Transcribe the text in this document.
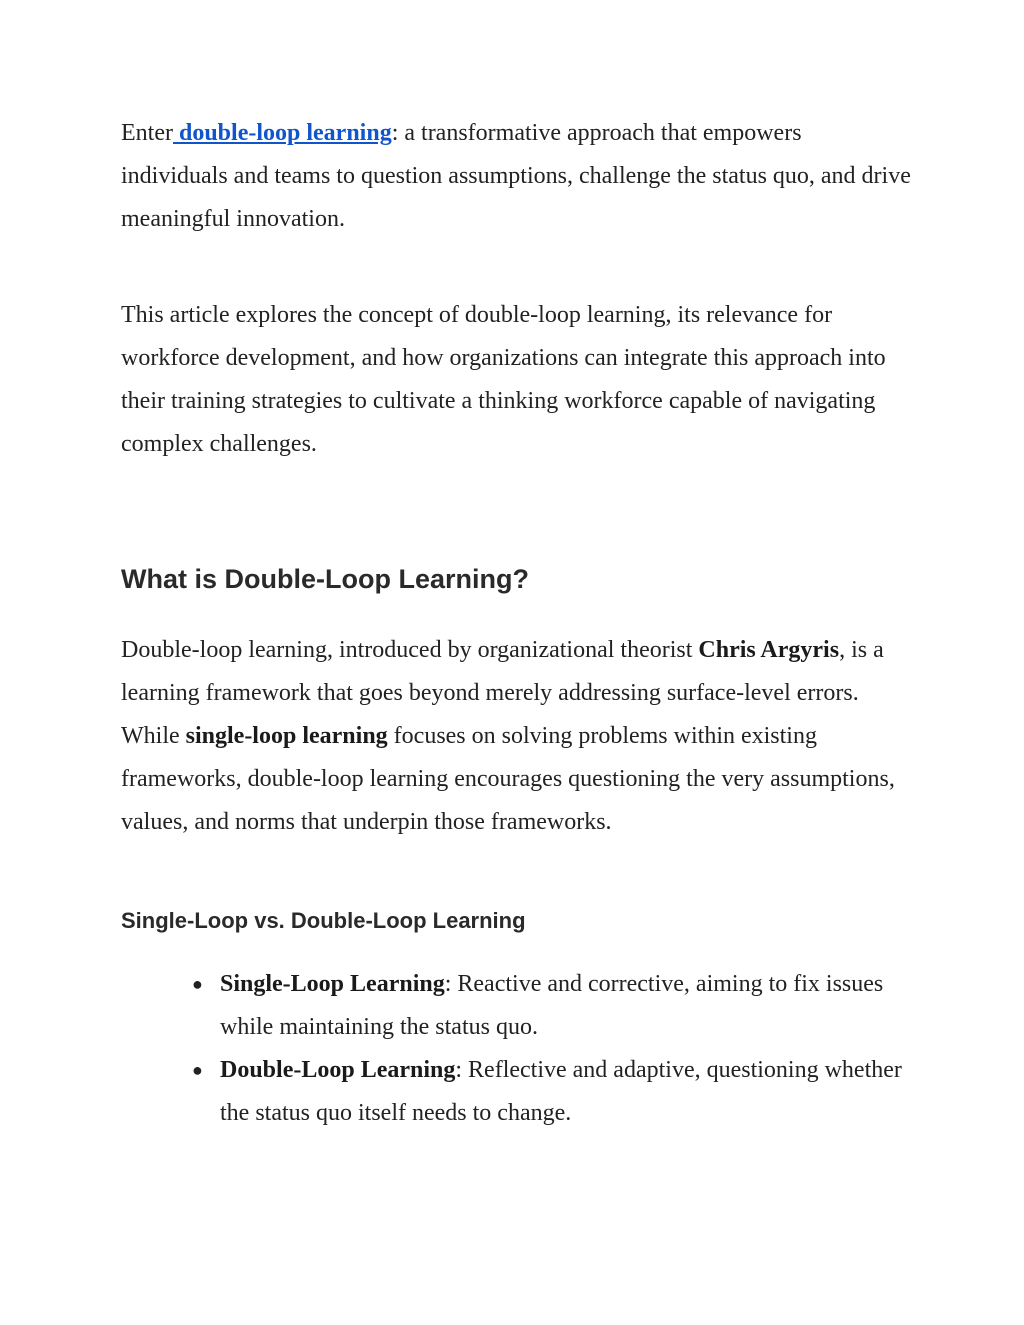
Enter double-loop learning: a transformative approach that empowers individuals and teams to question assumptions, challenge the status quo, and drive meaningful innovation.

This article explores the concept of double-loop learning, its relevance for workforce development, and how organizations can integrate this approach into their training strategies to cultivate a thinking workforce capable of navigating complex challenges.

What is Double-Loop Learning?

Double-loop learning, introduced by organizational theorist Chris Argyris, is a learning framework that goes beyond merely addressing surface-level errors. While single-loop learning focuses on solving problems within existing frameworks, double-loop learning encourages questioning the very assumptions, values, and norms that underpin those frameworks.

Single-Loop vs. Double-Loop Learning
● Single-Loop Learning: Reactive and corrective, aiming to fix issues while maintaining the status quo.
● Double-Loop Learning: Reflective and adaptive, questioning whether the status quo itself needs to change.
